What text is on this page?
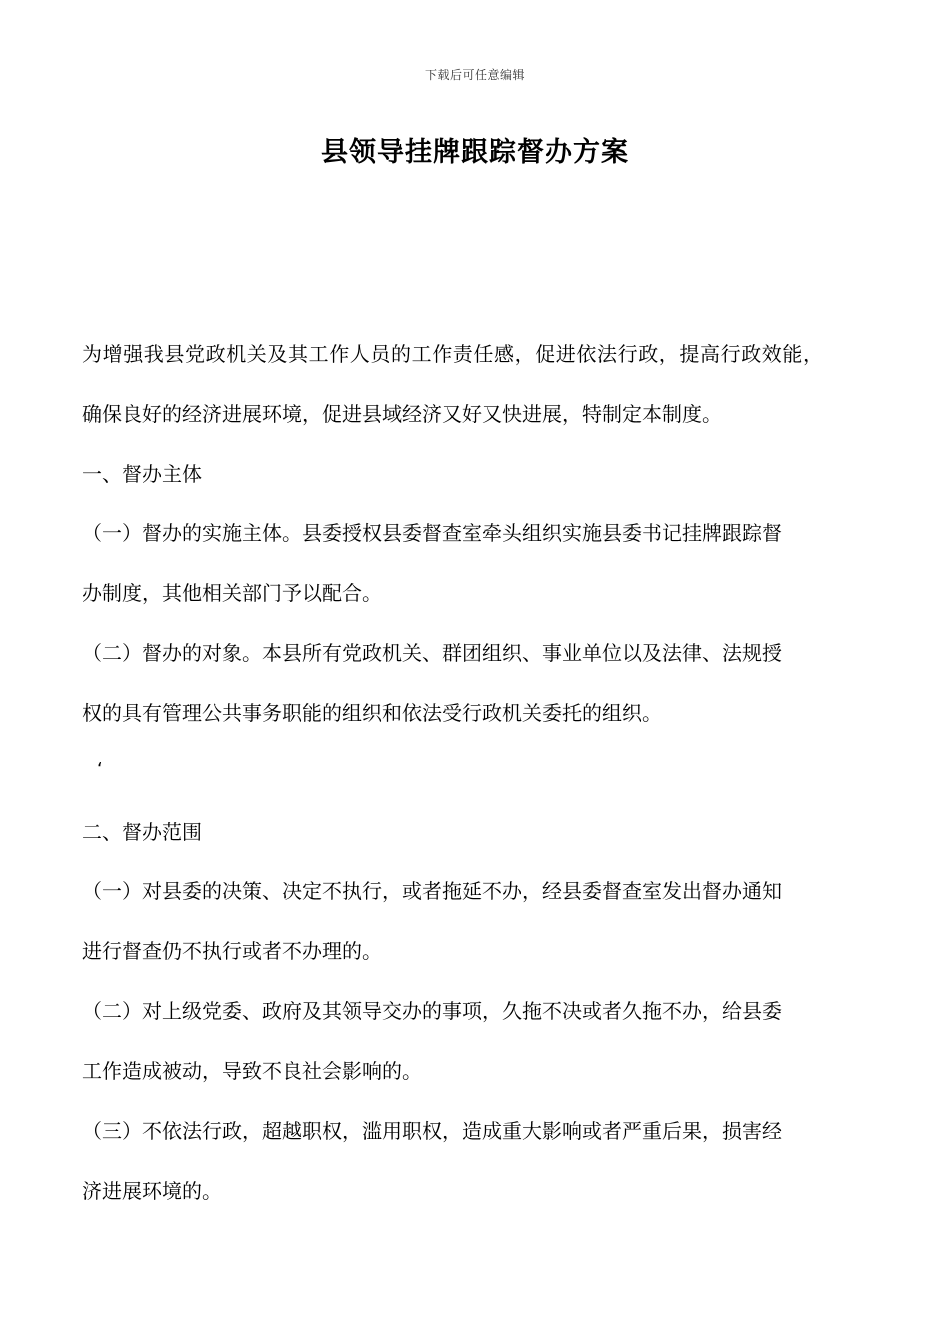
下载后可任意编辑
县领导挂牌跟踪督办方案
为增强我县党政机关及其工作人员的工作责任感，促进依法行政，提高行政效能，
确保良好的经济进展环境，促进县域经济又好又快进展，特制定本制度。
一、督办主体
（一）督办的实施主体。县委授权县委督查室牵头组织实施县委书记挂牌跟踪督
办制度，其他相关部门予以配合。
（二）督办的对象。本县所有党政机关、群团组织、事业单位以及法律、法规授
权的具有管理公共事务职能的组织和依法受行政机关委托的组织。
‘
二、督办范围
（一）对县委的决策、决定不执行，或者拖延不办，经县委督查室发出督办通知
进行督查仍不执行或者不办理的。
（二）对上级党委、政府及其领导交办的事项，久拖不决或者久拖不办，给县委
工作造成被动，导致不良社会影响的。
（三）不依法行政，超越职权，滥用职权，造成重大影响或者严重后果，损害经
济进展环境的。
